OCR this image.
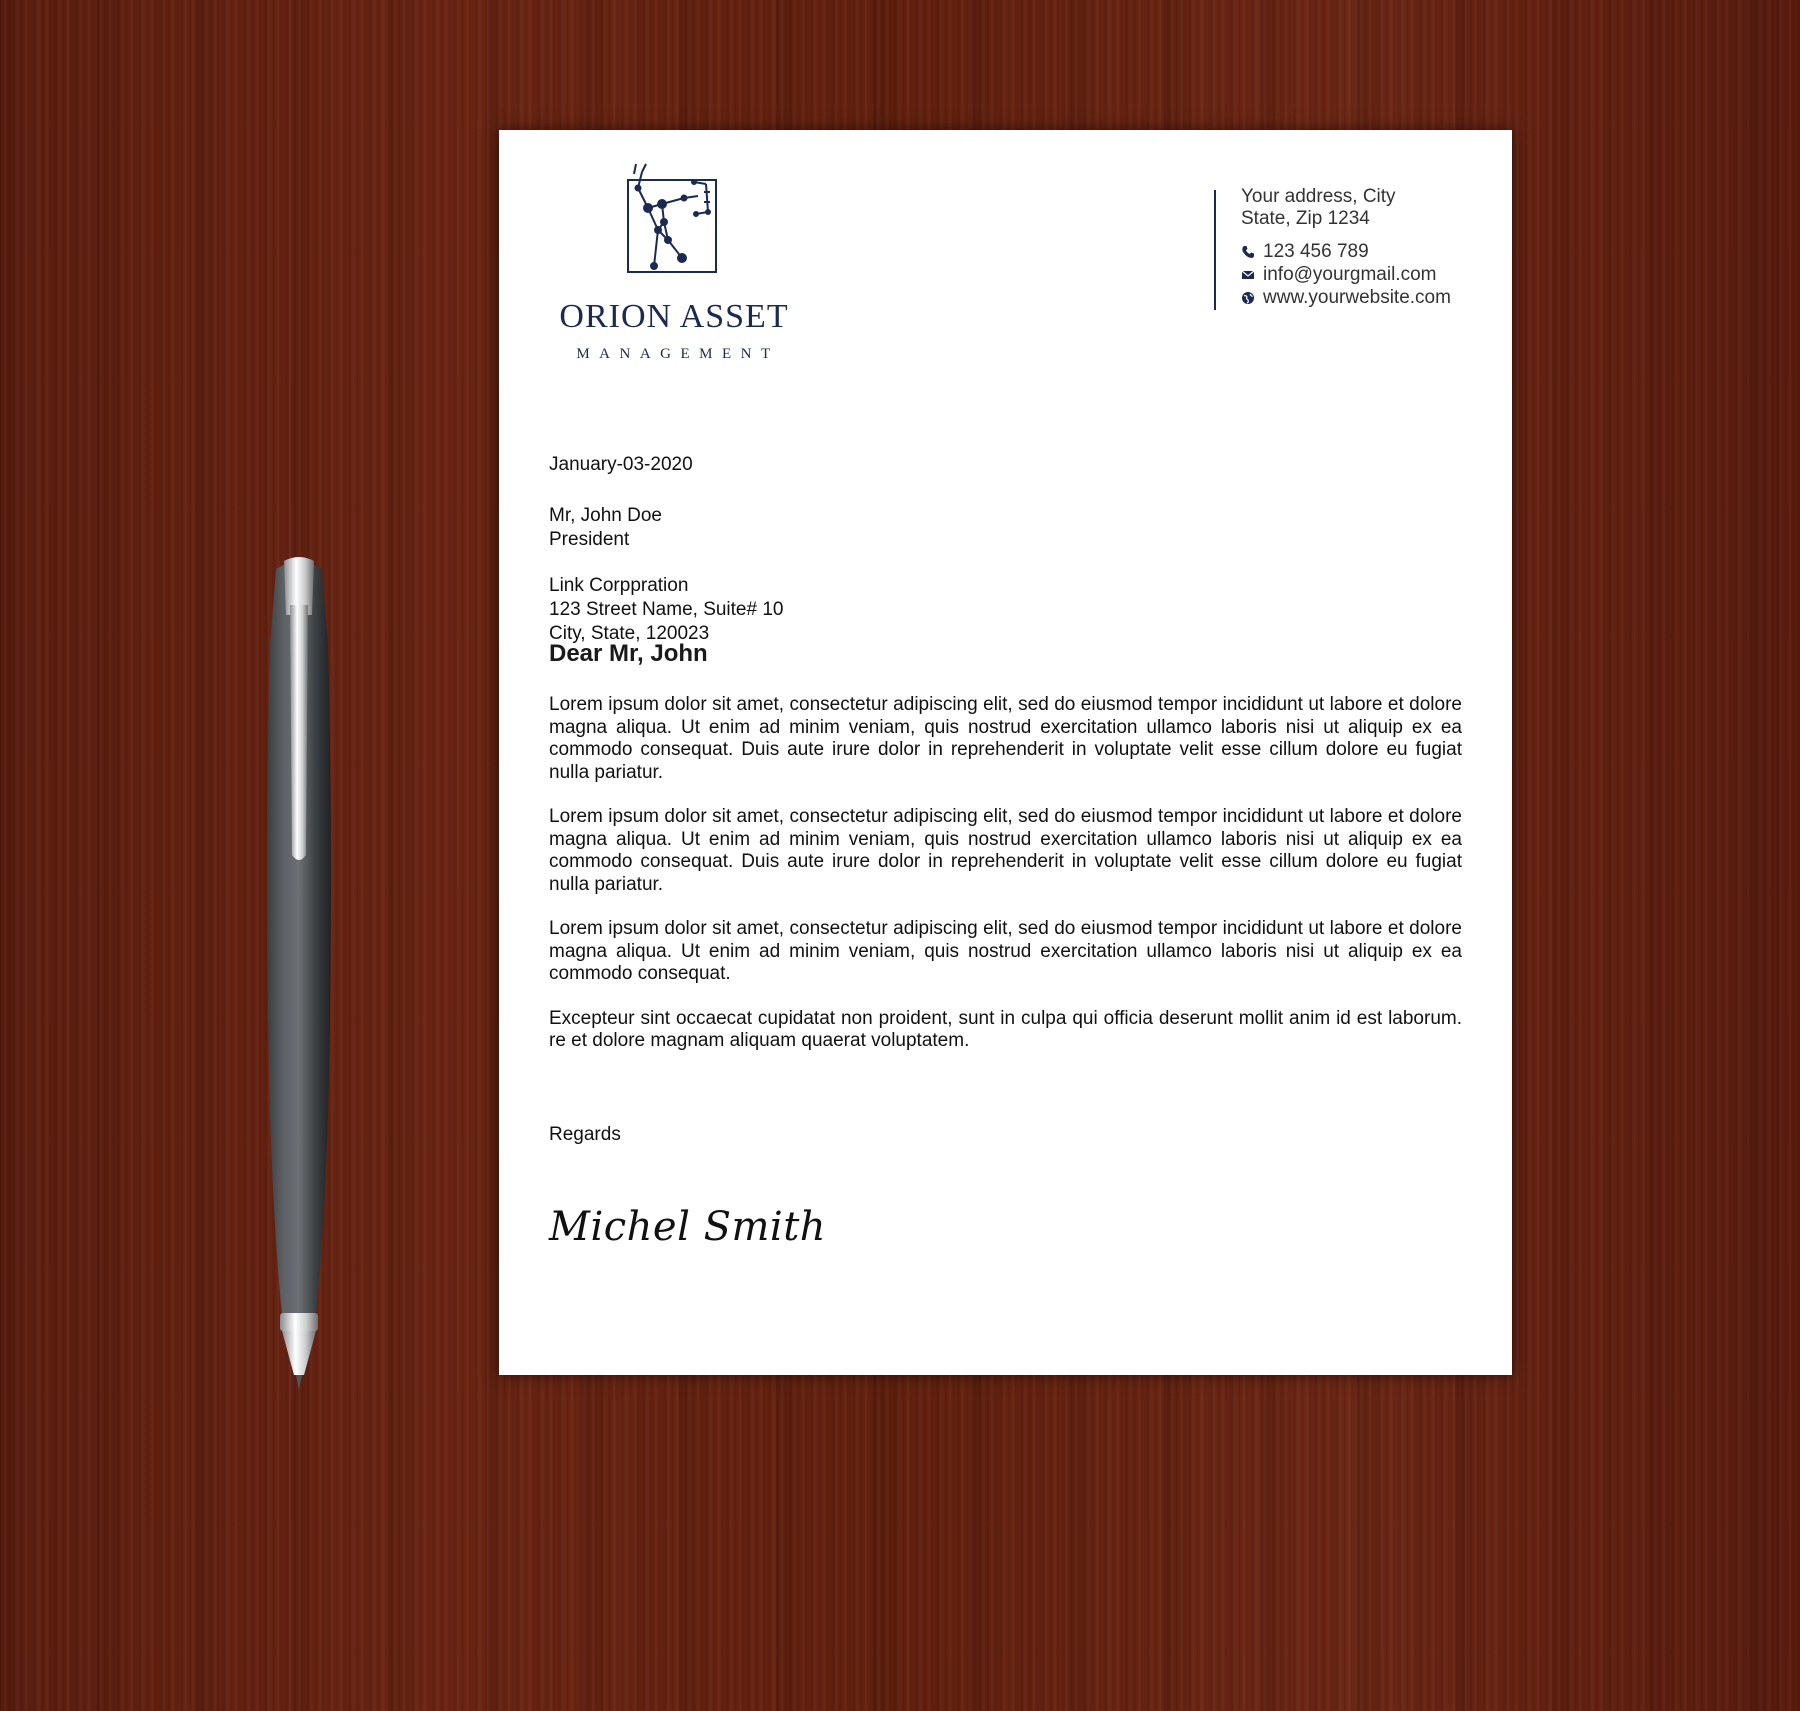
ORION ASSET
MANAGEMENT
Your address, City
State, Zip 1234
123 456 789
info@yourgmail.com
www.yourwebsite.com
January-03-2020
Mr, John Doe
President
Link Corppration
123 Street Name, Suite# 10
City, State, 120023
Dear Mr, John

Lorem ipsum dolor sit amet, consectetur adipiscing elit, sed do eiusmod tempor incididunt ut labore et dolore magna aliqua. Ut enim ad minim veniam, quis nostrud exercitation ullamco laboris nisi ut aliquip ex ea commodo consequat. Duis aute irure dolor in reprehenderit in voluptate velit esse cillum dolore eu fugiat nulla pariatur.

Lorem ipsum dolor sit amet, consectetur adipiscing elit, sed do eiusmod tempor incididunt ut labore et dolore magna aliqua. Ut enim ad minim veniam, quis nostrud exercitation ullamco laboris nisi ut aliquip ex ea commodo consequat. Duis aute irure dolor in reprehenderit in voluptate velit esse cillum dolore eu fugiat nulla pariatur.

Lorem ipsum dolor sit amet, consectetur adipiscing elit, sed do eiusmod tempor incididunt ut labore et dolore magna aliqua. Ut enim ad minim veniam, quis nostrud exercitation ullamco laboris nisi ut aliquip ex ea commodo consequat.

Excepteur sint occaecat cupidatat non proident, sunt in culpa qui officia deserunt mollit anim id est laborum. re et dolore magnam aliquam quaerat voluptatem.

Regards
Michel Smith
